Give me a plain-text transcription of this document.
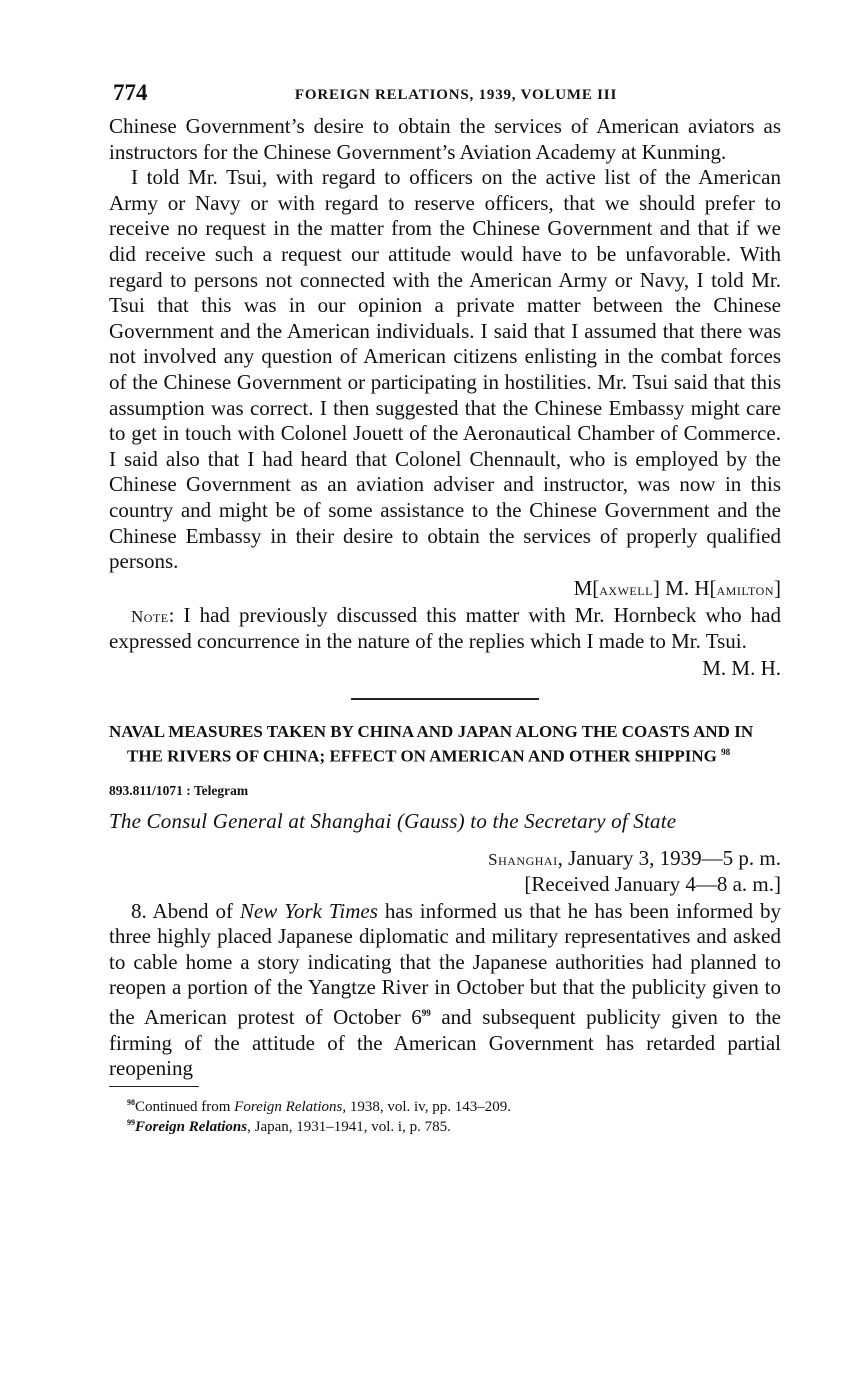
774	FOREIGN RELATIONS, 1939, VOLUME III

Chinese Government’s desire to obtain the services of American aviators as instructors for the Chinese Government’s Aviation Academy at Kunming.

I told Mr. Tsui, with regard to officers on the active list of the American Army or Navy or with regard to reserve officers, that we should prefer to receive no request in the matter from the Chinese Government and that if we did receive such a request our attitude would have to be unfavorable. With regard to persons not connected with the American Army or Navy, I told Mr. Tsui that this was in our opinion a private matter between the Chinese Government and the American individuals. I said that I assumed that there was not involved any question of American citizens enlisting in the combat forces of the Chinese Government or participating in hostilities. Mr. Tsui said that this assumption was correct. I then suggested that the Chinese Embassy might care to get in touch with Colonel Jouett of the Aeronautical Chamber of Commerce. I said also that I had heard that Colonel Chennault, who is employed by the Chinese Government as an aviation adviser and instructor, was now in this country and might be of some assistance to the Chinese Government and the Chinese Embassy in their desire to obtain the services of properly qualified persons.

M[axwell] M. H[amilton]

Note: I had previously discussed this matter with Mr. Hornbeck who had expressed concurrence in the nature of the replies which I made to Mr. Tsui.

M. M. H.

NAVAL MEASURES TAKEN BY CHINA AND JAPAN ALONG THE COASTS AND IN THE RIVERS OF CHINA; EFFECT ON AMERICAN AND OTHER SHIPPING $^{98}$

893.811/1071 : Telegram

The Consul General at Shanghai (Gauss) to the Secretary of State

Shanghai, January 3, 1939—5 p. m.

[Received January 4—8 a. m.]

8. Abend of New York Times has informed us that he has been informed by three highly placed Japanese diplomatic and military representatives and asked to cable home a story indicating that the Japanese authorities had planned to reopen a portion of the Yangtze River in October but that the publicity given to the American protest of October 6$^{99}$ and subsequent publicity given to the firming of the attitude of the American Government has retarded partial reopening

$^{98}$Continued from Foreign Relations, 1938, vol. iv, pp. 143–209.

$^{99}$Foreign Relations, Japan, 1931–1941, vol. i, p. 785.
